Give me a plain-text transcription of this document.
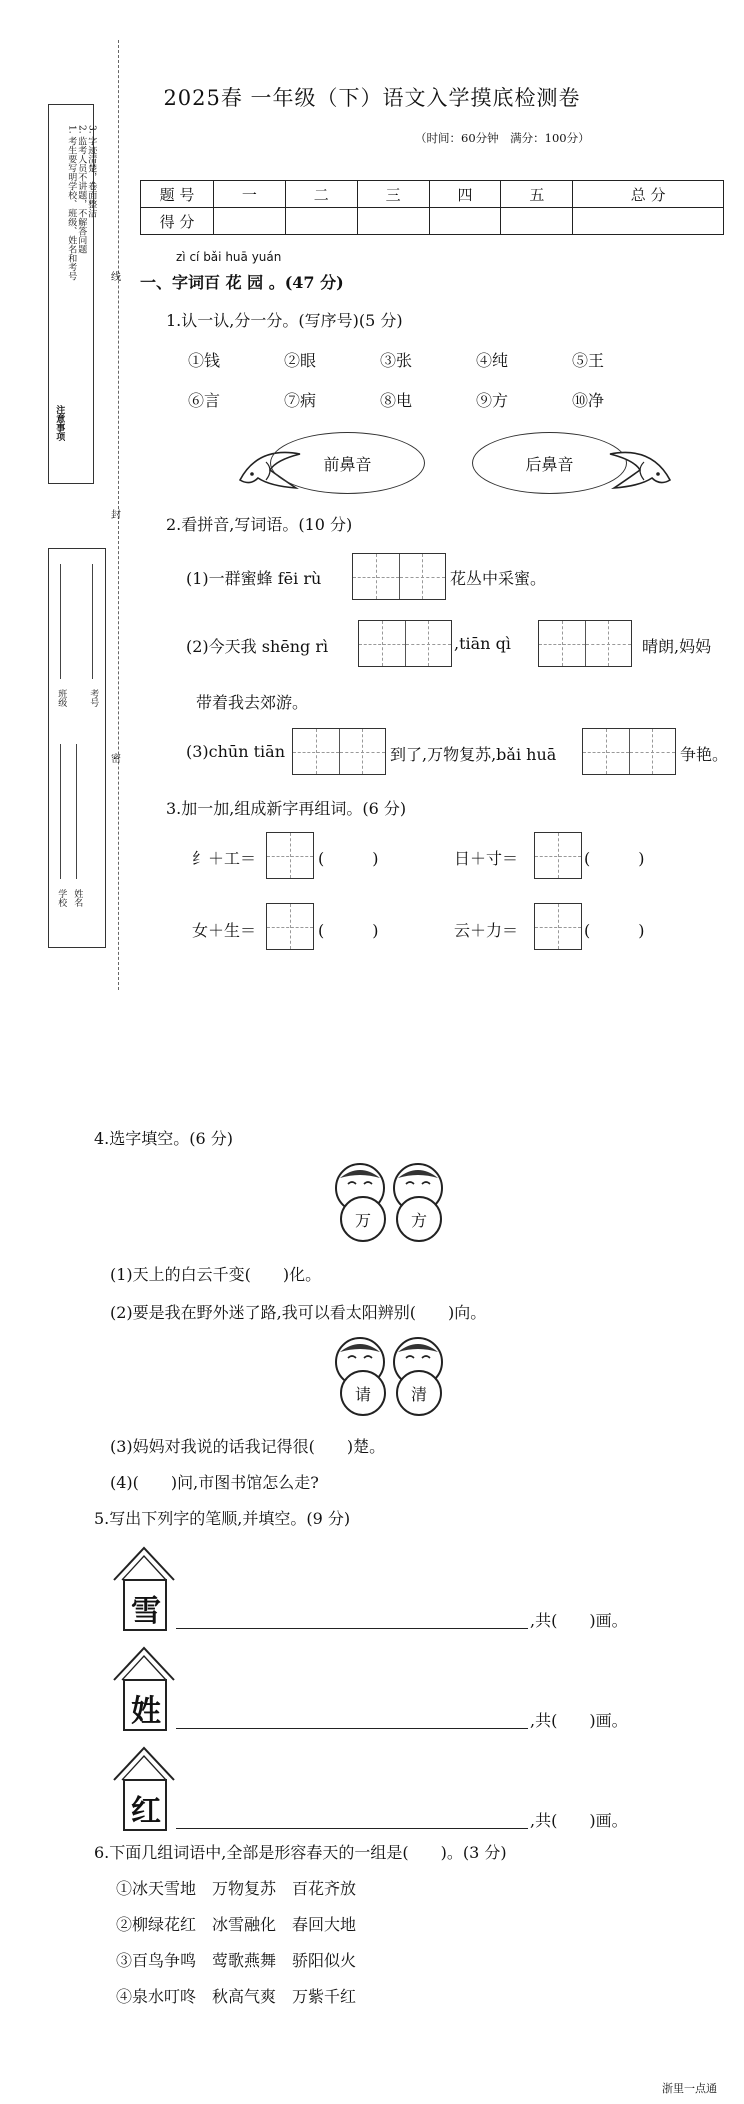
2025春 一年级（下）语文入学摸底检测卷
（时间：60分钟　满分：100分）
题 号	一	二	三	四	五	总 分
得 分						
线
封
密
注意事项
1. 考生要写明学校、班级、姓名和考号 2. 监考人员不讲题，不解答问题 3. 字迹清楚，卷面整洁
学校 姓名
班级 考号
zì cí bǎi huā yuán
一、字词百 花 园 。(47 分)
1.认一认,分一分。(写序号)(5 分)
①钱	②眼	③张	④纯	⑤王
⑥言	⑦病	⑧电	⑨方	⑩净
前鼻音	后鼻音
2.看拼音,写词语。(10 分)
(1)一群蜜蜂 fēi rù	花丛中采蜜。
(2)今天我 shēng rì	,tiān qì	晴朗,妈妈
带着我去郊游。
(3)chūn tiān	到了,万物复苏,bǎi huā	争艳。
3.加一加,组成新字再组词。(6 分)
纟＋工＝	(　　　)	日＋寸＝	(　　　)
女＋生＝	(　　　)	云＋力＝	(　　　)
4.选字填空。(6 分)
万	方
(1)天上的白云千变(　　)化。
(2)要是我在野外迷了路,我可以看太阳辨别(　　)向。
请	清
(3)妈妈对我说的话我记得很(　　)楚。
(4)(　　)问,市图书馆怎么走?
5.写出下列字的笔顺,并填空。(9 分)
雪	,共(　　)画。
姓	,共(　　)画。
红	,共(　　)画。
6.下面几组词语中,全部是形容春天的一组是(　　)。(3 分)
①冰天雪地　万物复苏　百花齐放
②柳绿花红　冰雪融化　春回大地
③百鸟争鸣　莺歌燕舞　骄阳似火
④泉水叮咚　秋高气爽　万紫千红
浙里一点通
